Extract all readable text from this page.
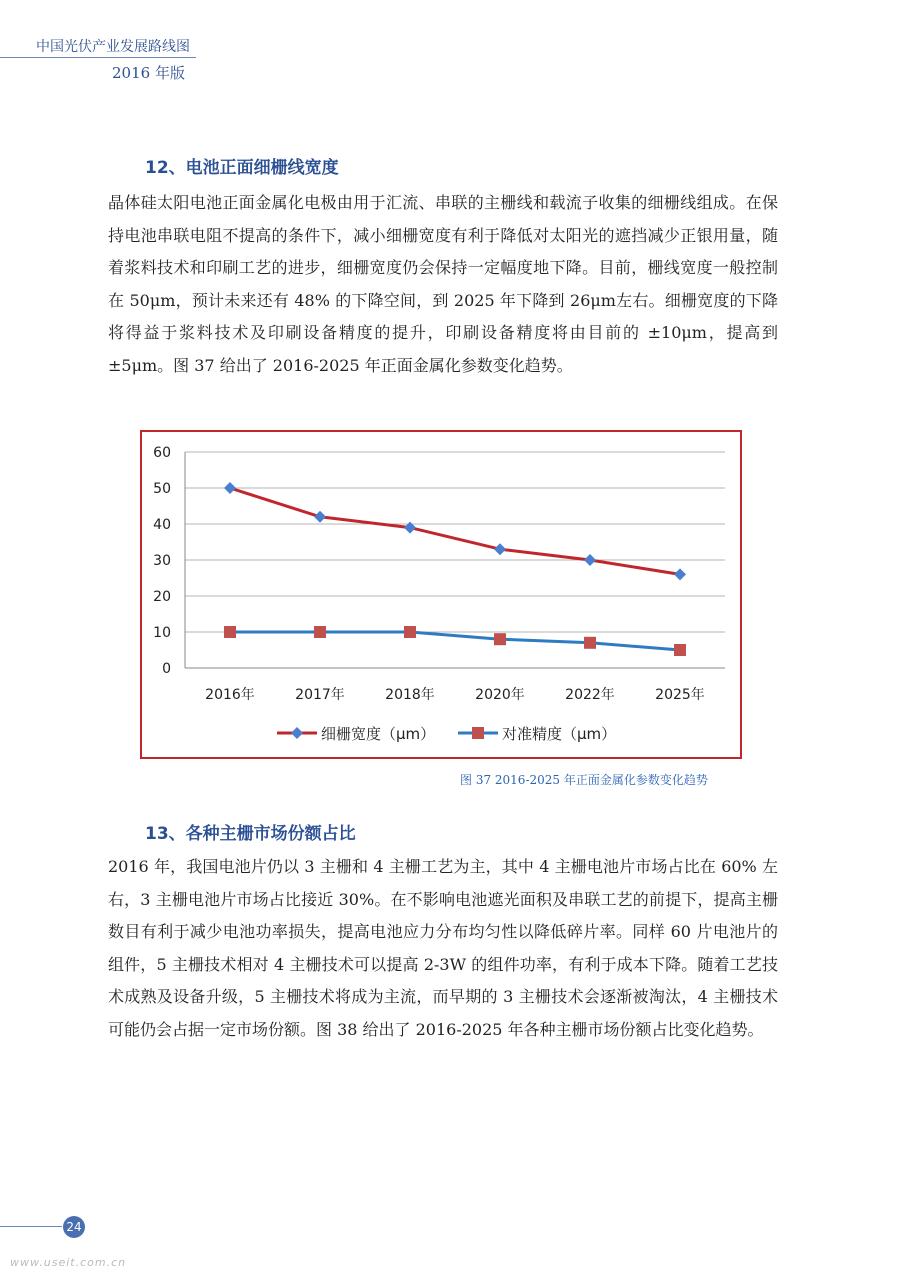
中国光伏产业发展路线图
2016 年版
12、电池正面细栅线宽度

晶体硅太阳电池正面金属化电极由用于汇流、串联的主栅线和载流子收集的细栅线组成。在保持电池串联电阻不提高的条件下，减小细栅宽度有利于降低对太阳光的遮挡减少正银用量，随着浆料技术和印刷工艺的进步，细栅宽度仍会保持一定幅度地下降。目前，栅线宽度一般控制在 50μm，预计未来还有 48% 的下降空间，到 2025 年下降到 26μm左右。细栅宽度的下降将得益于浆料技术及印刷设备精度的提升，印刷设备精度将由目前的 ±10μm，提高到 ±5μm。图 37 给出了 2016-2025 年正面金属化参数变化趋势。

0
10
20
30
40
50
60
2016年	2017年	2018年	2020年	2022年	2025年
细栅宽度（μm）	对准精度（μm）
图 37 2016-2025 年正面金属化参数变化趋势
13、各种主栅市场份额占比

2016 年，我国电池片仍以 3 主栅和 4 主栅工艺为主，其中 4 主栅电池片市场占比在 60% 左右，3 主栅电池片市场占比接近 30%。在不影响电池遮光面积及串联工艺的前提下，提高主栅数目有利于减少电池功率损失，提高电池应力分布均匀性以降低碎片率。同样 60 片电池片的组件，5 主栅技术相对 4 主栅技术可以提高 2-3W 的组件功率，有利于成本下降。随着工艺技术成熟及设备升级，5 主栅技术将成为主流，而早期的 3 主栅技术会逐渐被淘汰，4 主栅技术可能仍会占据一定市场份额。图 38 给出了 2016-2025 年各种主栅市场份额占比变化趋势。

24
www.useit.com.cn
